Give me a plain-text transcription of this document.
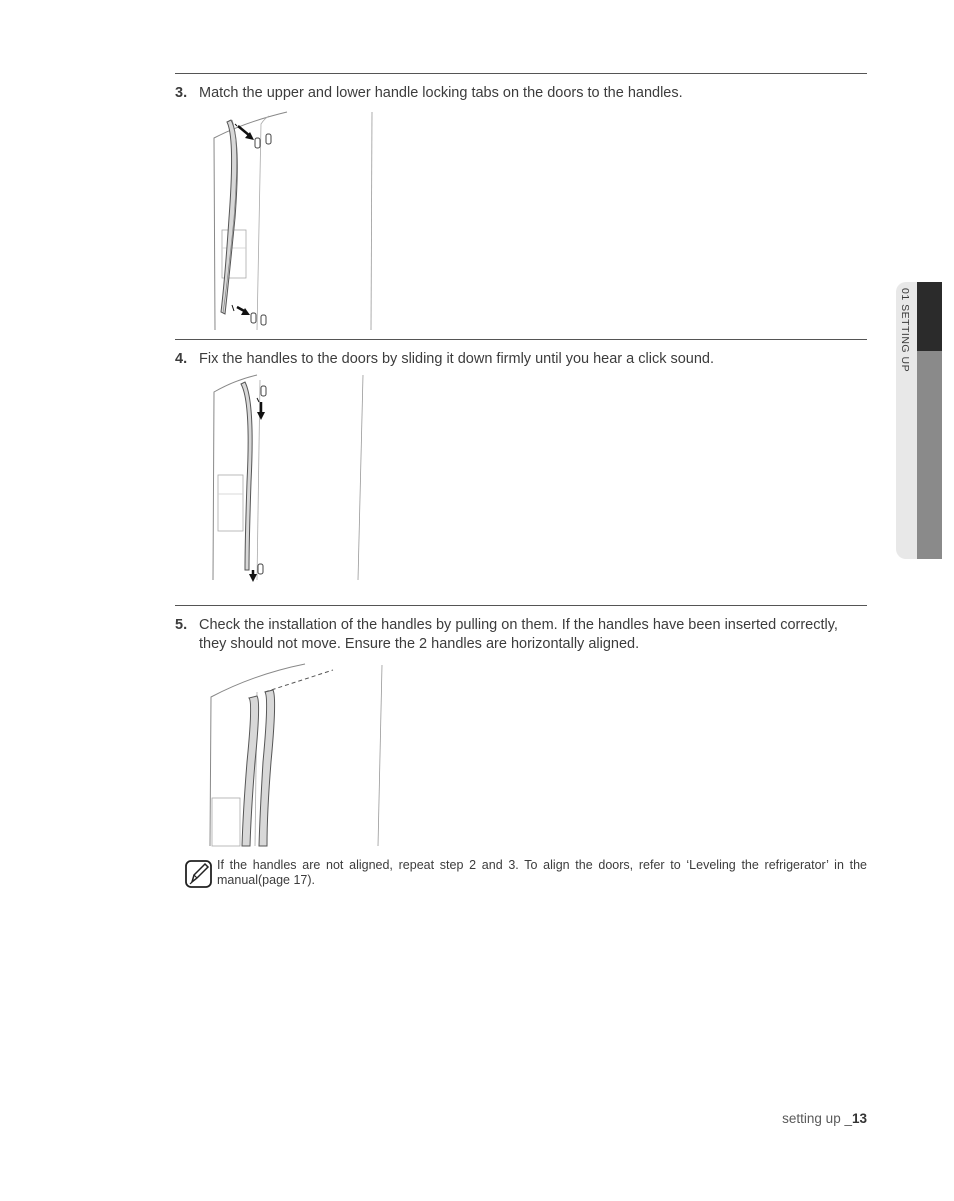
01 SETTING UP
3. Match the upper and lower handle locking tabs on the doors to the handles.
4. Fix the handles to the doors by sliding it down firmly until you hear a click sound.
5. Check the installation of the handles by pulling on them. If the handles have been inserted correctly, they should not move. Ensure the 2 handles are horizontally aligned.
If the handles are not aligned, repeat step 2 and 3. To align the doors, refer to ‘Leveling the refrigerator’ in the manual(page 17).
setting up _13
